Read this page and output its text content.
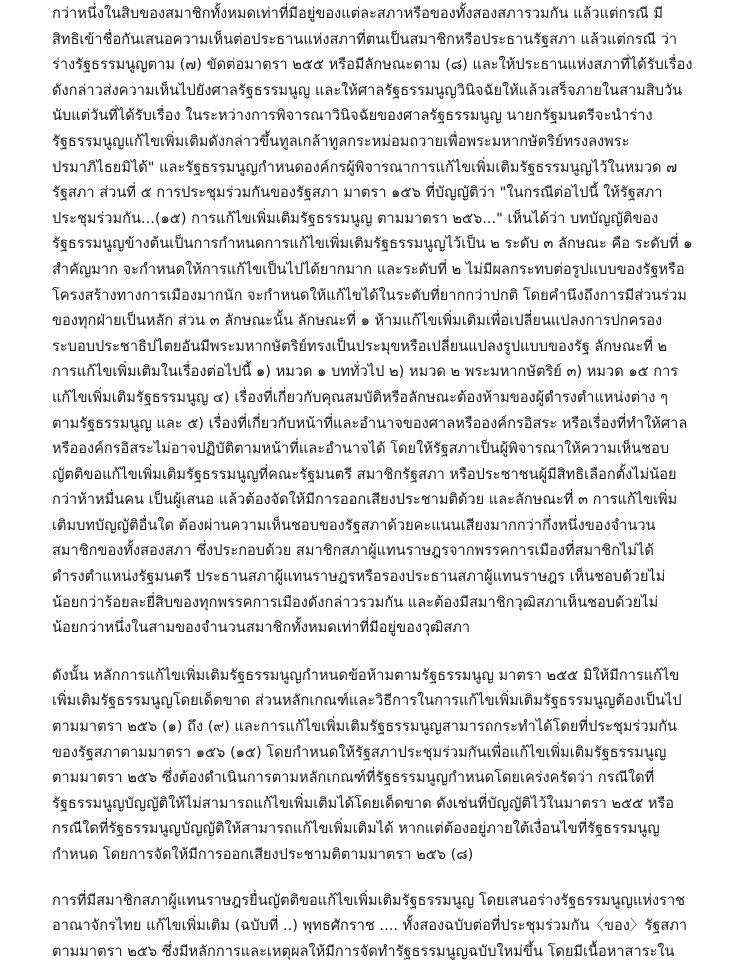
กว่าหนึ่งในสิบของสมาชิกทั้งหมดเท่าที่มีอยู่ของแต่ละสภาหรือของทั้งสองสภารวมกัน แล้วแต่กรณี มี
สิทธิเข้าชื่อกันเสนอความเห็นต่อประธานแห่งสภาที่ตนเป็นสมาชิกหรือประธานรัฐสภา แล้วแต่กรณี ว่า
ร่างรัฐธรรมนูญตาม (๗) ขัดต่อมาตรา ๒๕๕ หรือมีลักษณะตาม (๘) และให้ประธานแห่งสภาที่ได้รับเรื่อง
ดังกล่าวส่งความเห็นไปยังศาลรัฐธรรมนูญ และให้ศาลรัฐธรรมนูญวินิจฉัยให้แล้วเสร็จภายในสามสิบวัน
นับแต่วันที่ได้รับเรื่อง ในระหว่างการพิจารณาวินิจฉัยของศาลรัฐธรรมนูญ นายกรัฐมนตรีจะนำร่าง
รัฐธรรมนูญแก้ไขเพิ่มเติมดังกล่าวขึ้นทูลเกล้าทูลกระหม่อมถวายเพื่อพระมหากษัตริย์ทรงลงพระ
ปรมาภิไธยมิได้" และรัฐธรรมนูญกำหนดองค์กรผู้พิจารณาการแก้ไขเพิ่มเติมรัฐธรรมนูญไว้ในหมวด ๗
รัฐสภา ส่วนที่ ๕ การประชุมร่วมกันของรัฐสภา มาตรา ๑๕๖ ที่บัญญัติว่า "ในกรณีต่อไปนี้ ให้รัฐสภา
ประชุมร่วมกัน...(๑๕) การแก้ไขเพิ่มเติมรัฐธรรมนูญ ตามมาตรา ๒๕๖..." เห็นได้ว่า บทบัญญัติของ
รัฐธรรมนูญข้างต้นเป็นการกำหนดการแก้ไขเพิ่มเติมรัฐธรรมนูญไว้เป็น ๒ ระดับ ๓ ลักษณะ คือ ระดับที่ ๑
สำคัญมาก จะกำหนดให้การแก้ไขเป็นไปได้ยากมาก และระดับที่ ๒ ไม่มีผลกระทบต่อรูปแบบของรัฐหรือ
โครงสร้างทางการเมืองมากนัก จะกำหนดให้แก้ไขได้ในระดับที่ยากกว่าปกติ โดยคำนึงถึงการมีส่วนร่วม
ของทุกฝ่ายเป็นหลัก ส่วน ๓ ลักษณะนั้น ลักษณะที่ ๑ ห้ามแก้ไขเพิ่มเติมเพื่อเปลี่ยนแปลงการปกครอง
ระบอบประชาธิปไตยอันมีพระมหากษัตริย์ทรงเป็นประมุขหรือเปลี่ยนแปลงรูปแบบของรัฐ ลักษณะที่ ๒
การแก้ไขเพิ่มเติมในเรื่องต่อไปนี้ ๑) หมวด ๑ บททั่วไป ๒) หมวด ๒ พระมหากษัตริย์ ๓) หมวด ๑๕ การ
แก้ไขเพิ่มเติมรัฐธรรมนูญ ๔) เรื่องที่เกี่ยวกับคุณสมบัติหรือลักษณะต้องห้ามของผู้ดำรงตำแหน่งต่าง ๆ
ตามรัฐธรรมนูญ และ ๕) เรื่องที่เกี่ยวกับหน้าที่และอำนาจของศาลหรือองค์กรอิสระ หรือเรื่องที่ทำให้ศาล
หรือองค์กรอิสระไม่อาจปฏิบัติตามหน้าที่และอำนาจได้ โดยให้รัฐสภาเป็นผู้พิจารณาให้ความเห็นชอบ
ญัตติขอแก้ไขเพิ่มเติมรัฐธรรมนูญที่คณะรัฐมนตรี สมาชิกรัฐสภา หรือประชาชนผู้มีสิทธิเลือกตั้งไม่น้อย
กว่าห้าหมื่นคน เป็นผู้เสนอ แล้วต้องจัดให้มีการออกเสียงประชามติด้วย และลักษณะที่ ๓ การแก้ไขเพิ่ม
เติมบทบัญญัติอื่นใด ต้องผ่านความเห็นชอบของรัฐสภาด้วยคะแนนเสียงมากกว่ากึ่งหนึ่งของจำนวน
สมาชิกของทั้งสองสภา ซึ่งประกอบด้วย สมาชิกสภาผู้แทนราษฎรจากพรรคการเมืองที่สมาชิกไม่ได้
ดำรงตำแหน่งรัฐมนตรี ประธานสภาผู้แทนราษฎรหรือรองประธานสภาผู้แทนราษฎร เห็นชอบด้วยไม่
น้อยกว่าร้อยละยี่สิบของทุกพรรคการเมืองดังกล่าวรวมกัน และต้องมีสมาชิกวุฒิสภาเห็นชอบด้วยไม่
น้อยกว่าหนึ่งในสามของจำนวนสมาชิกทั้งหมดเท่าที่มีอยู่ของวุฒิสภา
ดังนั้น หลักการแก้ไขเพิ่มเติมรัฐธรรมนูญกำหนดข้อห้ามตามรัฐธรรมนูญ มาตรา ๒๕๕ มิให้มีการแก้ไข
เพิ่มเติมรัฐธรรมนูญโดยเด็ดขาด ส่วนหลักเกณฑ์และวิธีการในการแก้ไขเพิ่มเติมรัฐธรรมนูญต้องเป็นไป
ตามมาตรา ๒๕๖ (๑) ถึง (๙) และการแก้ไขเพิ่มเติมรัฐธรรมนูญสามารถกระทำได้โดยที่ประชุมร่วมกัน
ของรัฐสภาตามมาตรา ๑๕๖ (๑๕) โดยกำหนดให้รัฐสภาประชุมร่วมกันเพื่อแก้ไขเพิ่มเติมรัฐธรรมนูญ
ตามมาตรา ๒๕๖ ซึ่งต้องดำเนินการตามหลักเกณฑ์ที่รัฐธรรมนูญกำหนดโดยเคร่งครัดว่า กรณีใดที่
รัฐธรรมนูญบัญญัติให้ไม่สามารถแก้ไขเพิ่มเติมได้โดยเด็ดขาด ดังเช่นที่บัญญัติไว้ในมาตรา ๒๕๕ หรือ
กรณีใดที่รัฐธรรมนูญบัญญัติให้สามารถแก้ไขเพิ่มเติมได้ หากแต่ต้องอยู่ภายใต้เงื่อนไขที่รัฐธรรมนูญ
กำหนด โดยการจัดให้มีการออกเสียงประชามติตามมาตรา ๒๕๖ (๘)
การที่มีสมาชิกสภาผู้แทนราษฎรยื่นญัตติขอแก้ไขเพิ่มเติมรัฐธรรมนูญ โดยเสนอร่างรัฐธรรมนูญแห่งราช
อาณาจักรไทย แก้ไขเพิ่มเติม (ฉบับที่ ..) พุทธศักราช .... ทั้งสองฉบับต่อที่ประชุมร่วมกัน〈ของ〉รัฐสภา
ตามมาตรา ๒๕๖ ซึ่งมีหลักการและเหตุผลให้มีการจัดทำรัฐธรรมนูญฉบับใหม่ขึ้น โดยมีเนื้อหาสาระใน
